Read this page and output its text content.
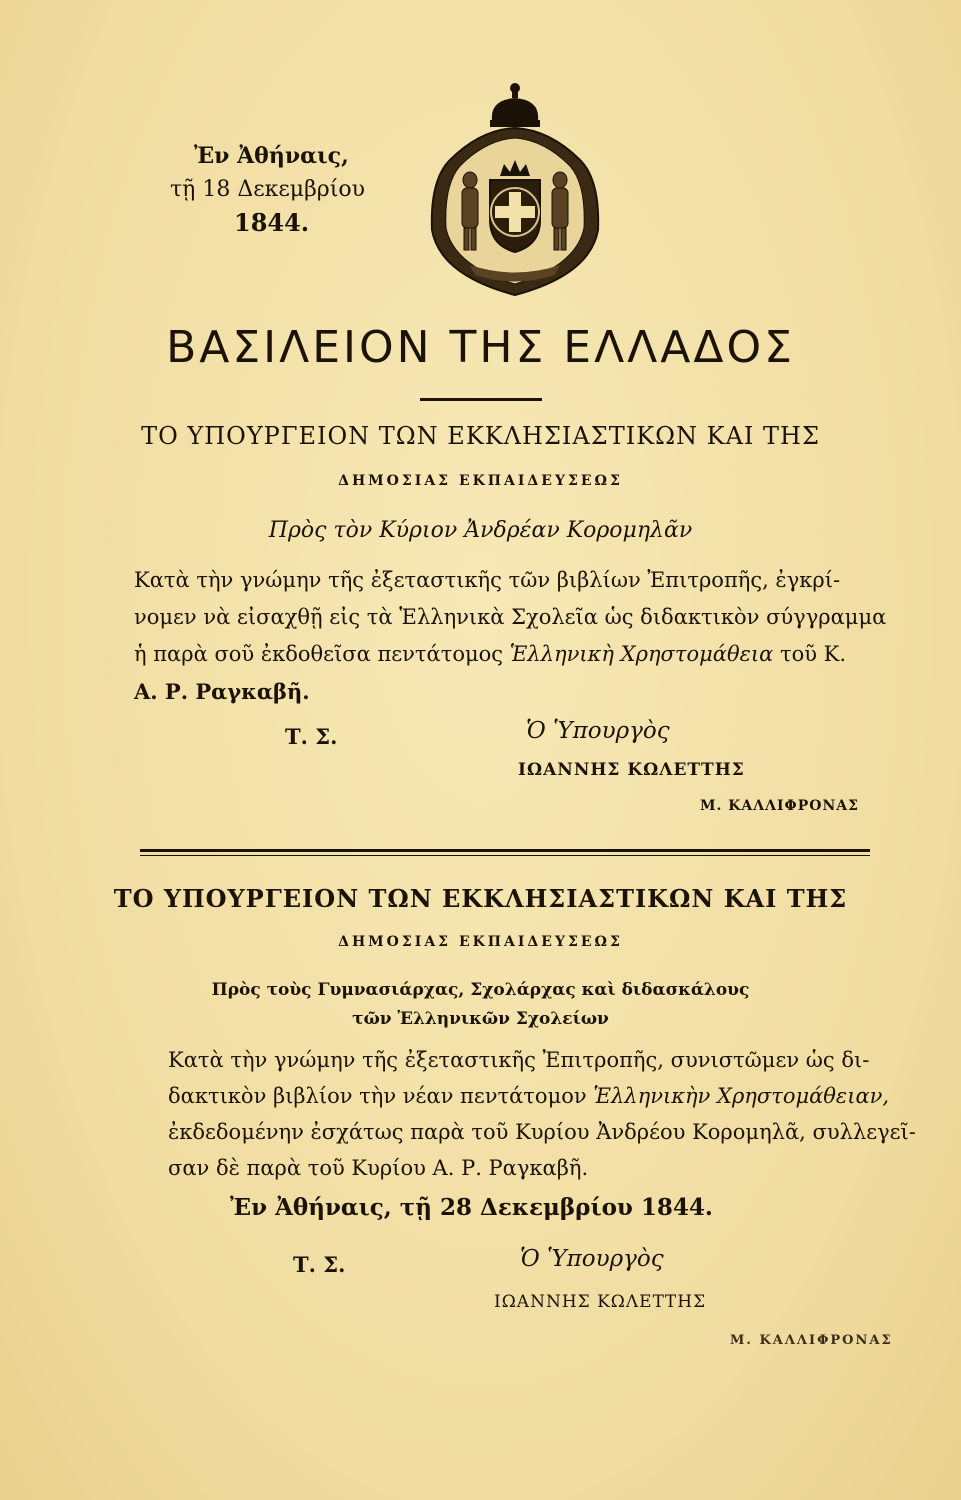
Ἐν Ἀθήναις,
τῇ 18 Δεκεμβρίου
1844.
ΒΑΣΙΛΕΙΟΝ ΤΗΣ ΕΛΛΑΔΟΣ
ΤΟ ΥΠΟΥΡΓΕΙΟΝ ΤΩΝ ΕΚΚΛΗΣΙΑΣΤΙΚΩΝ ΚΑΙ ΤΗΣ
ΔΗΜΟΣΙΑΣ ΕΚΠΑΙΔΕΥΣΕΩΣ
Πρὸς τὸν Κύριον Ἀνδρέαν Κορομηλᾶν
Κατὰ τὴν γνώμην τῆς ἐξεταστικῆς τῶν βιβλίων Ἐπιτροπῆς, ἐγκρί-
νομεν νὰ εἰσαχθῇ εἰς τὰ Ἑλληνικὰ Σχολεῖα ὡς διδακτικὸν σύγγραμμα
ἡ παρὰ σοῦ ἐκδοθεῖσα πεντάτομος Ἑλληνικὴ Χρηστομάθεια τοῦ Κ.
Α. Ρ. Ραγκαβῆ.
Τ. Σ.	Ὁ Ὑπουργὸς
ΙΩΑΝΝΗΣ ΚΩΛΕΤΤΗΣ
Μ. ΚΑΛΛΙΦΡΟΝΑΣ
ΤΟ ΥΠΟΥΡΓΕΙΟΝ ΤΩΝ ΕΚΚΛΗΣΙΑΣΤΙΚΩΝ ΚΑΙ ΤΗΣ
ΔΗΜΟΣΙΑΣ ΕΚΠΑΙΔΕΥΣΕΩΣ
Πρὸς τοὺς Γυμνασιάρχας, Σχολάρχας καὶ διδασκάλους
τῶν Ἑλληνικῶν Σχολείων
Κατὰ τὴν γνώμην τῆς ἐξεταστικῆς Ἐπιτροπῆς, συνιστῶμεν ὡς δι-
δακτικὸν βιβλίον τὴν νέαν πεντάτομον Ἑλληνικὴν Χρηστομάθειαν,
ἐκδεδομένην ἐσχάτως παρὰ τοῦ Κυρίου Ἀνδρέου Κορομηλᾶ, συλλεγεῖ-
σαν δὲ παρὰ τοῦ Κυρίου Α. Ρ. Ραγκαβῆ.
Ἐν Ἀθήναις, τῇ 28 Δεκεμβρίου 1844.
Τ. Σ.	Ὁ Ὑπουργὸς
ΙΩΑΝΝΗΣ ΚΩΛΕΤΤΗΣ
Μ. ΚΑΛΛΙΦΡΟΝΑΣ
